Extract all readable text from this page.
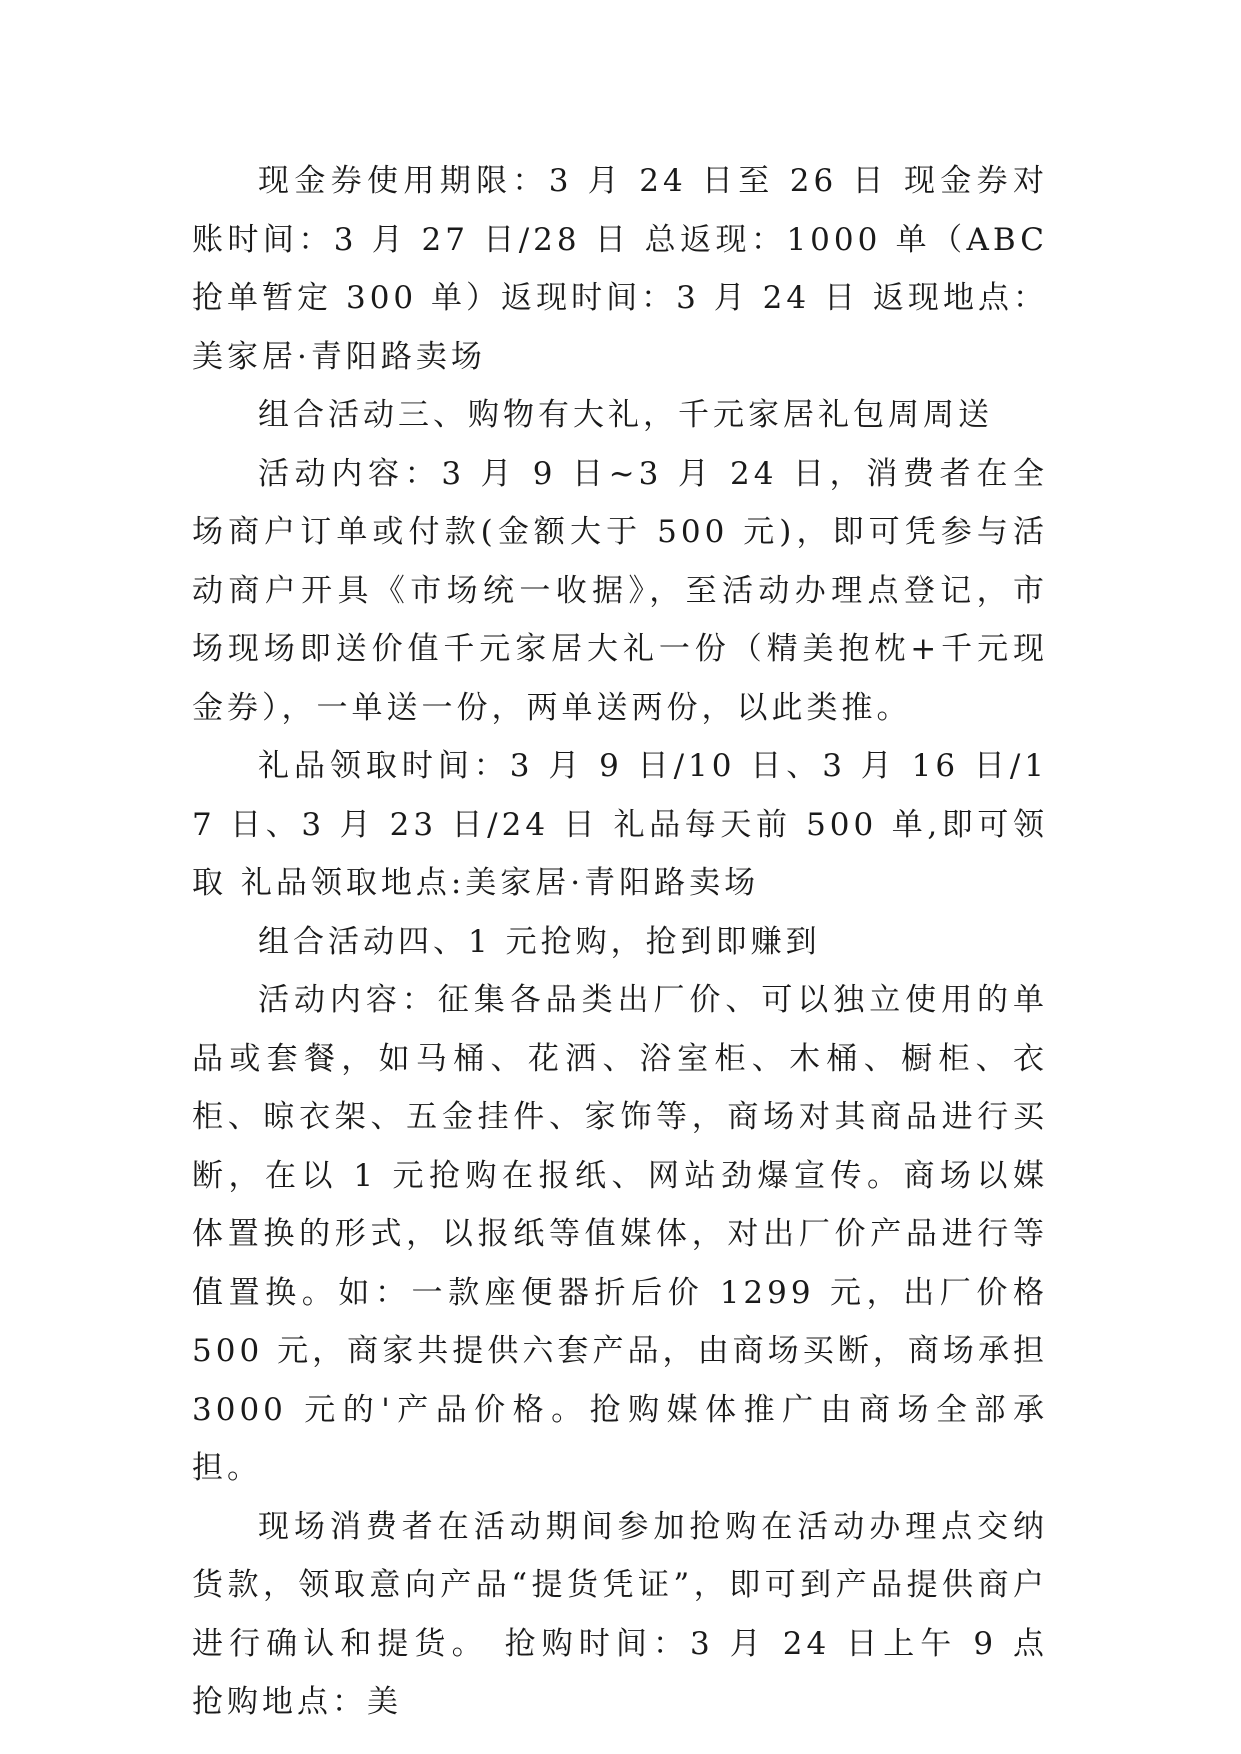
现金券使用期限：3 月 24 日至 26 日 现金券对账时间：3 月 27 日/28 日 总返现：1000 单（ABC 抢单暂定 300 单）返现时间：3 月 24 日 返现地点：美家居·青阳路卖场

组合活动三、购物有大礼，千元家居礼包周周送

活动内容：3 月 9 日~3 月 24 日，消费者在全场商户订单或付款(金额大于 500 元)，即可凭参与活动商户开具《市场统一收据》，至活动办理点登记，市场现场即送价值千元家居大礼一份（精美抱枕+千元现金券），一单送一份，两单送两份，以此类推。

礼品领取时间：3 月 9 日/10 日、3 月 16 日/17 日、3 月 23 日/24 日 礼品每天前 500 单,即可领取 礼品领取地点:美家居·青阳路卖场

组合活动四、1 元抢购，抢到即赚到

活动内容：征集各品类出厂价、可以独立使用的单品或套餐，如马桶、花洒、浴室柜、木桶、橱柜、衣柜、晾衣架、五金挂件、家饰等，商场对其商品进行买断，在以 1 元抢购在报纸、网站劲爆宣传。商场以媒体置换的形式，以报纸等值媒体，对出厂价产品进行等值置换。如：一款座便器折后价 1299 元，出厂价格 500 元，商家共提供六套产品，由商场买断，商场承担 3000 元的'产品价格。抢购媒体推广由商场全部承担。

现场消费者在活动期间参加抢购在活动办理点交纳货款，领取意向产品“提货凭证”，即可到产品提供商户进行确认和提货。 抢购时间：3 月 24 日上午 9 点 抢购地点：美
